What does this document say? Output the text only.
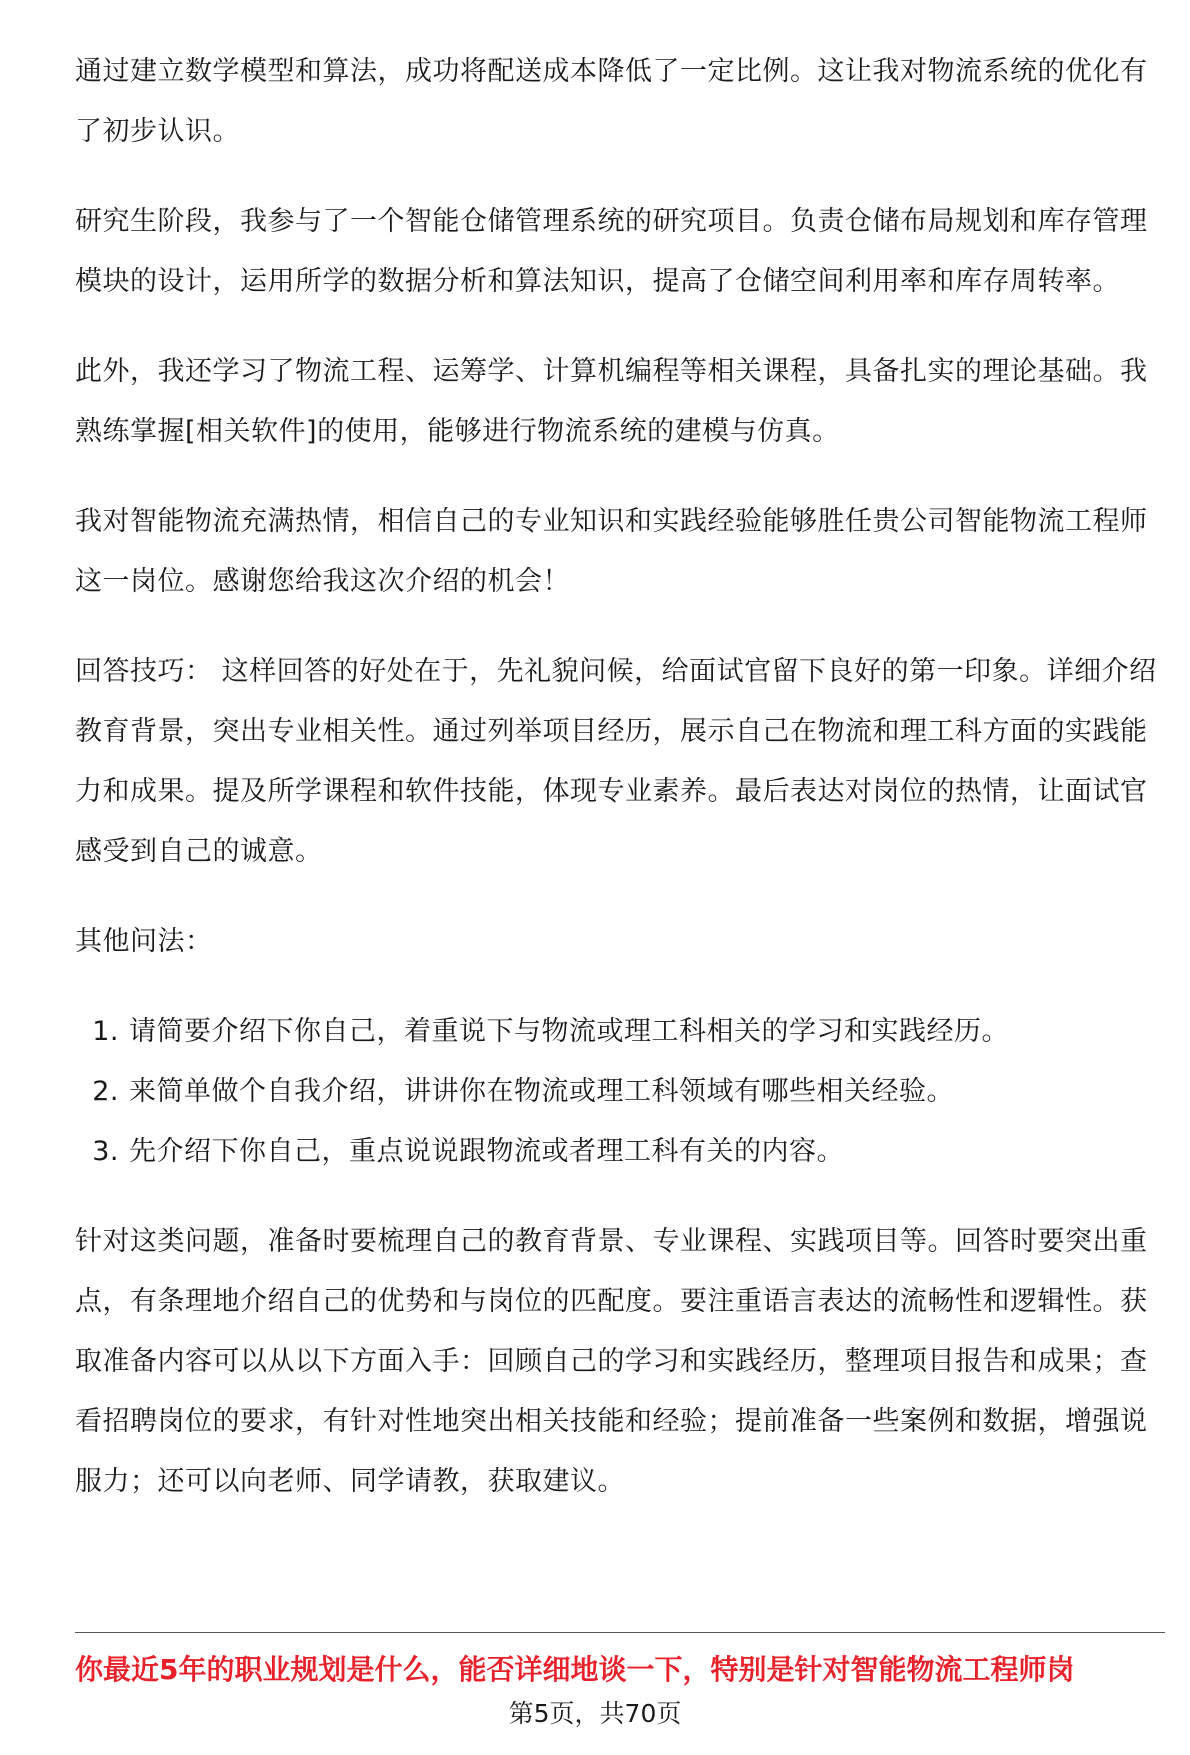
通过建立数学模型和算法，成功将配送成本降低了一定比例。这让我对物流系统的优化有了初步认识。

研究生阶段，我参与了一个智能仓储管理系统的研究项目。负责仓储布局规划和库存管理模块的设计，运用所学的数据分析和算法知识，提高了仓储空间利用率和库存周转率。

此外，我还学习了物流工程、运筹学、计算机编程等相关课程，具备扎实的理论基础。我熟练掌握[相关软件]的使用，能够进行物流系统的建模与仿真。

我对智能物流充满热情，相信自己的专业知识和实践经验能够胜任贵公司智能物流工程师这一岗位。感谢您给我这次介绍的机会！

回答技巧： 这样回答的好处在于，先礼貌问候，给面试官留下良好的第一印象。详细介绍教育背景，突出专业相关性。通过列举项目经历，展示自己在物流和理工科方面的实践能力和成果。提及所学课程和软件技能，体现专业素养。最后表达对岗位的热情，让面试官感受到自己的诚意。

其他问法：

1. 请简要介绍下你自己，着重说下与物流或理工科相关的学习和实践经历。
2. 来简单做个自我介绍，讲讲你在物流或理工科领域有哪些相关经验。
3. 先介绍下你自己，重点说说跟物流或者理工科有关的内容。

针对这类问题，准备时要梳理自己的教育背景、专业课程、实践项目等。回答时要突出重点，有条理地介绍自己的优势和与岗位的匹配度。要注重语言表达的流畅性和逻辑性。获取准备内容可以从以下方面入手：回顾自己的学习和实践经历，整理项目报告和成果；查看招聘岗位的要求，有针对性地突出相关技能和经验；提前准备一些案例和数据，增强说服力；还可以向老师、同学请教，获取建议。

你最近5年的职业规划是什么，能否详细地谈一下，特别是针对智能物流工程师岗
第5页，共70页
